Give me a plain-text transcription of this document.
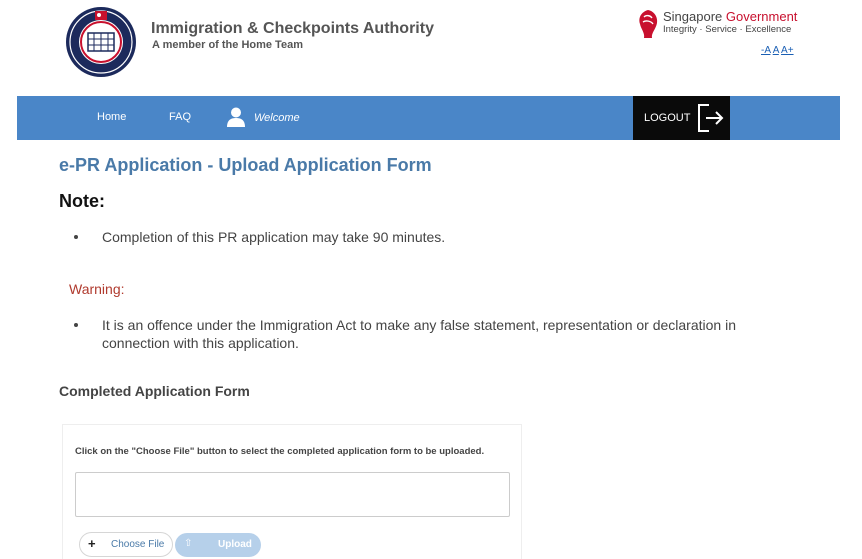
Immigration & Checkpoints Authority
A member of the Home Team
Singapore Government
Integrity · Service · Excellence
-A A A+
Home	FAQ	Welcome	LOGOUT
e-PR Application - Upload Application Form
Note:
Completion of this PR application may take 90 minutes.
Warning:
It is an offence under the Immigration Act to make any false statement, representation or declaration in connection with this application.
Completed Application Form
Click on the "Choose File" button to select the completed application form to be uploaded.
+ Choose File ⇧	Upload
